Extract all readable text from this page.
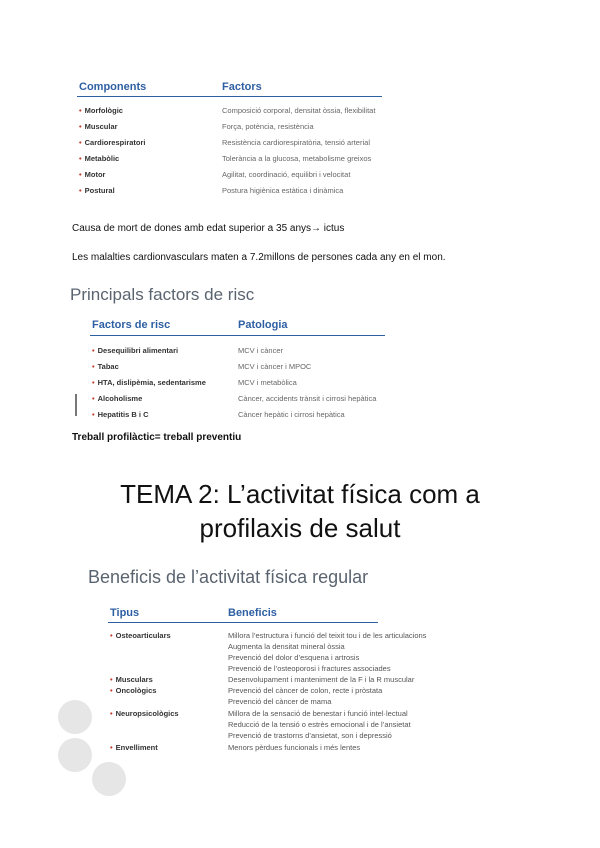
Components	Factors
• Morfològic	Composició corporal, densitat òssia, flexibilitat
• Muscular	Força, potència, resistència
• Cardiorespiratori	Resistència cardiorespiratòria, tensió arterial
• Metabòlic	Tolerància a la glucosa, metabolisme greixos
• Motor	Agilitat, coordinació, equilibri i velocitat
• Postural	Postura higiènica estàtica i dinàmica
Causa de mort de dones amb edat superior a 35 anys→ ictus
Les malalties cardionvasculars maten a 7.2millons de persones cada any en el mon.
Principals factors de risc
Factors de risc	Patologia
• Desequilibri alimentari	MCV i càncer
• Tabac	MCV i càncer i MPOC
• HTA, dislipèmia, sedentarisme	MCV i metabòlica
• Alcoholisme	Càncer, accidents trànsit i cirrosi hepàtica
• Hepatitis B i C	Càncer hepàtic i cirrosi hepàtica
Treball profilàctic= treball preventiu
TEMA 2: L’activitat física com a
profilaxis de salut
Beneficis de l’activitat física regular
Tipus	Beneficis
• Osteoarticulars	Millora l’estructura i funció del teixit tou i de les articulacions
Augmenta la densitat mineral òssia
Prevenció del dolor d’esquena i artrosis
Prevenció de l’osteoporosi i fractures associades
• Musculars	Desenvolupament i manteniment de la F i la R muscular
• Oncològics	Prevenció del càncer de colon, recte i pròstata
Prevenció del càncer de mama
• Neuropsicològics	Millora de la sensació de benestar i funció intel·lectual
Reducció de la tensió o estrès emocional i de l’ansietat
Prevenció de trastorns d’ansietat, son i depressió
• Envelliment	Menors pèrdues funcionals i més lentes
